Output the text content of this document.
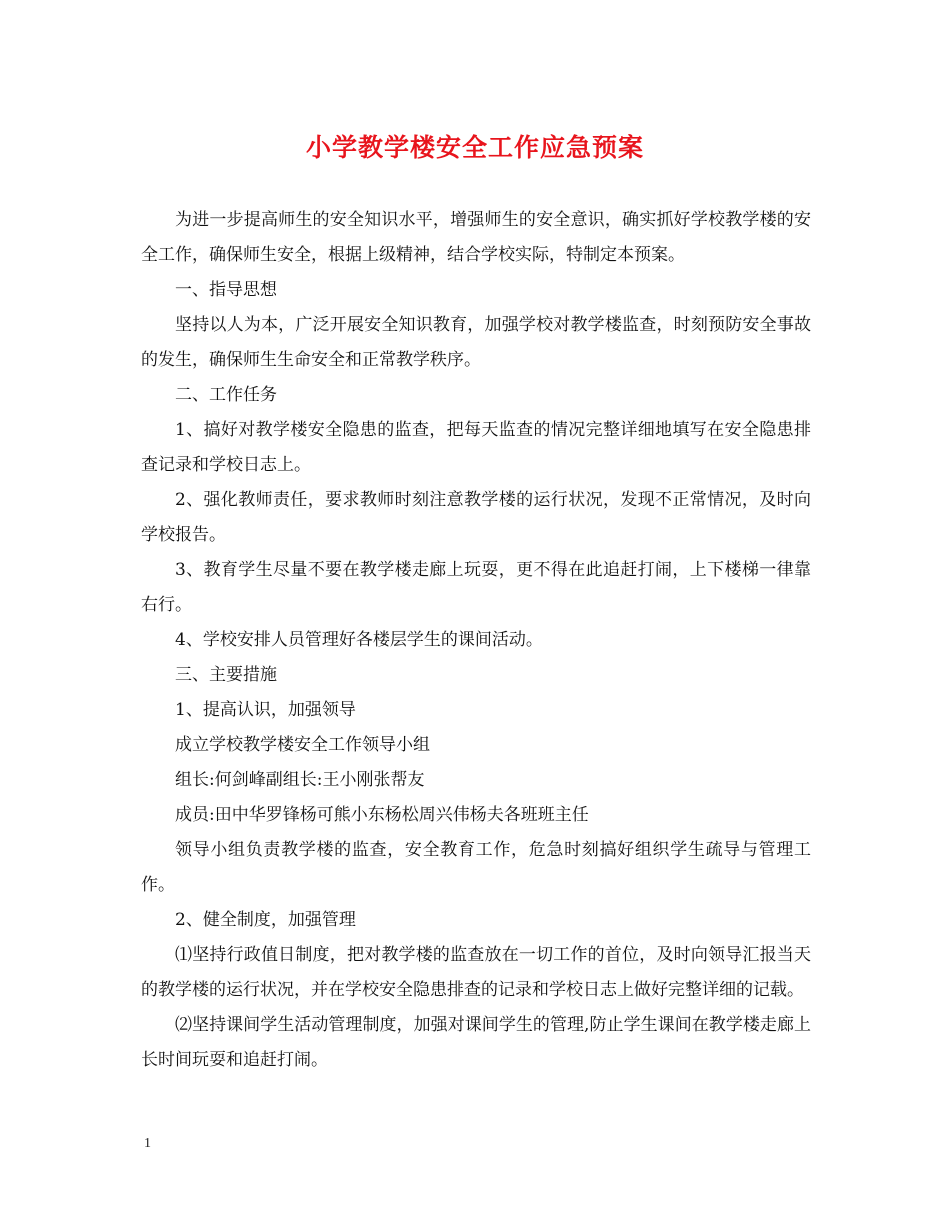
小学教学楼安全工作应急预案

为进一步提高师生的安全知识水平，增强师生的安全意识，确实抓好学校教学楼的安全工作，确保师生安全，根据上级精神，结合学校实际，特制定本预案。

一、指导思想

坚持以人为本，广泛开展安全知识教育，加强学校对教学楼监查，时刻预防安全事故的发生，确保师生生命安全和正常教学秩序。

二、工作任务

1、搞好对教学楼安全隐患的监查，把每天监查的情况完整详细地填写在安全隐患排查记录和学校日志上。

2、强化教师责任，要求教师时刻注意教学楼的运行状况，发现不正常情况，及时向学校报告。

3、教育学生尽量不要在教学楼走廊上玩耍，更不得在此追赶打闹，上下楼梯一律靠右行。

4、学校安排人员管理好各楼层学生的课间活动。

三、主要措施

1、提高认识，加强领导

成立学校教学楼安全工作领导小组

组长:何剑峰副组长:王小刚张帮友

成员:田中华罗锋杨可熊小东杨松周兴伟杨夫各班班主任

领导小组负责教学楼的监查，安全教育工作，危急时刻搞好组织学生疏导与管理工作。

2、健全制度，加强管理

⑴坚持行政值日制度，把对教学楼的监查放在一切工作的首位，及时向领导汇报当天的教学楼的运行状况，并在学校安全隐患排查的记录和学校日志上做好完整详细的记载。

⑵坚持课间学生活动管理制度，加强对课间学生的管理,防止学生课间在教学楼走廊上长时间玩耍和追赶打闹。

1
